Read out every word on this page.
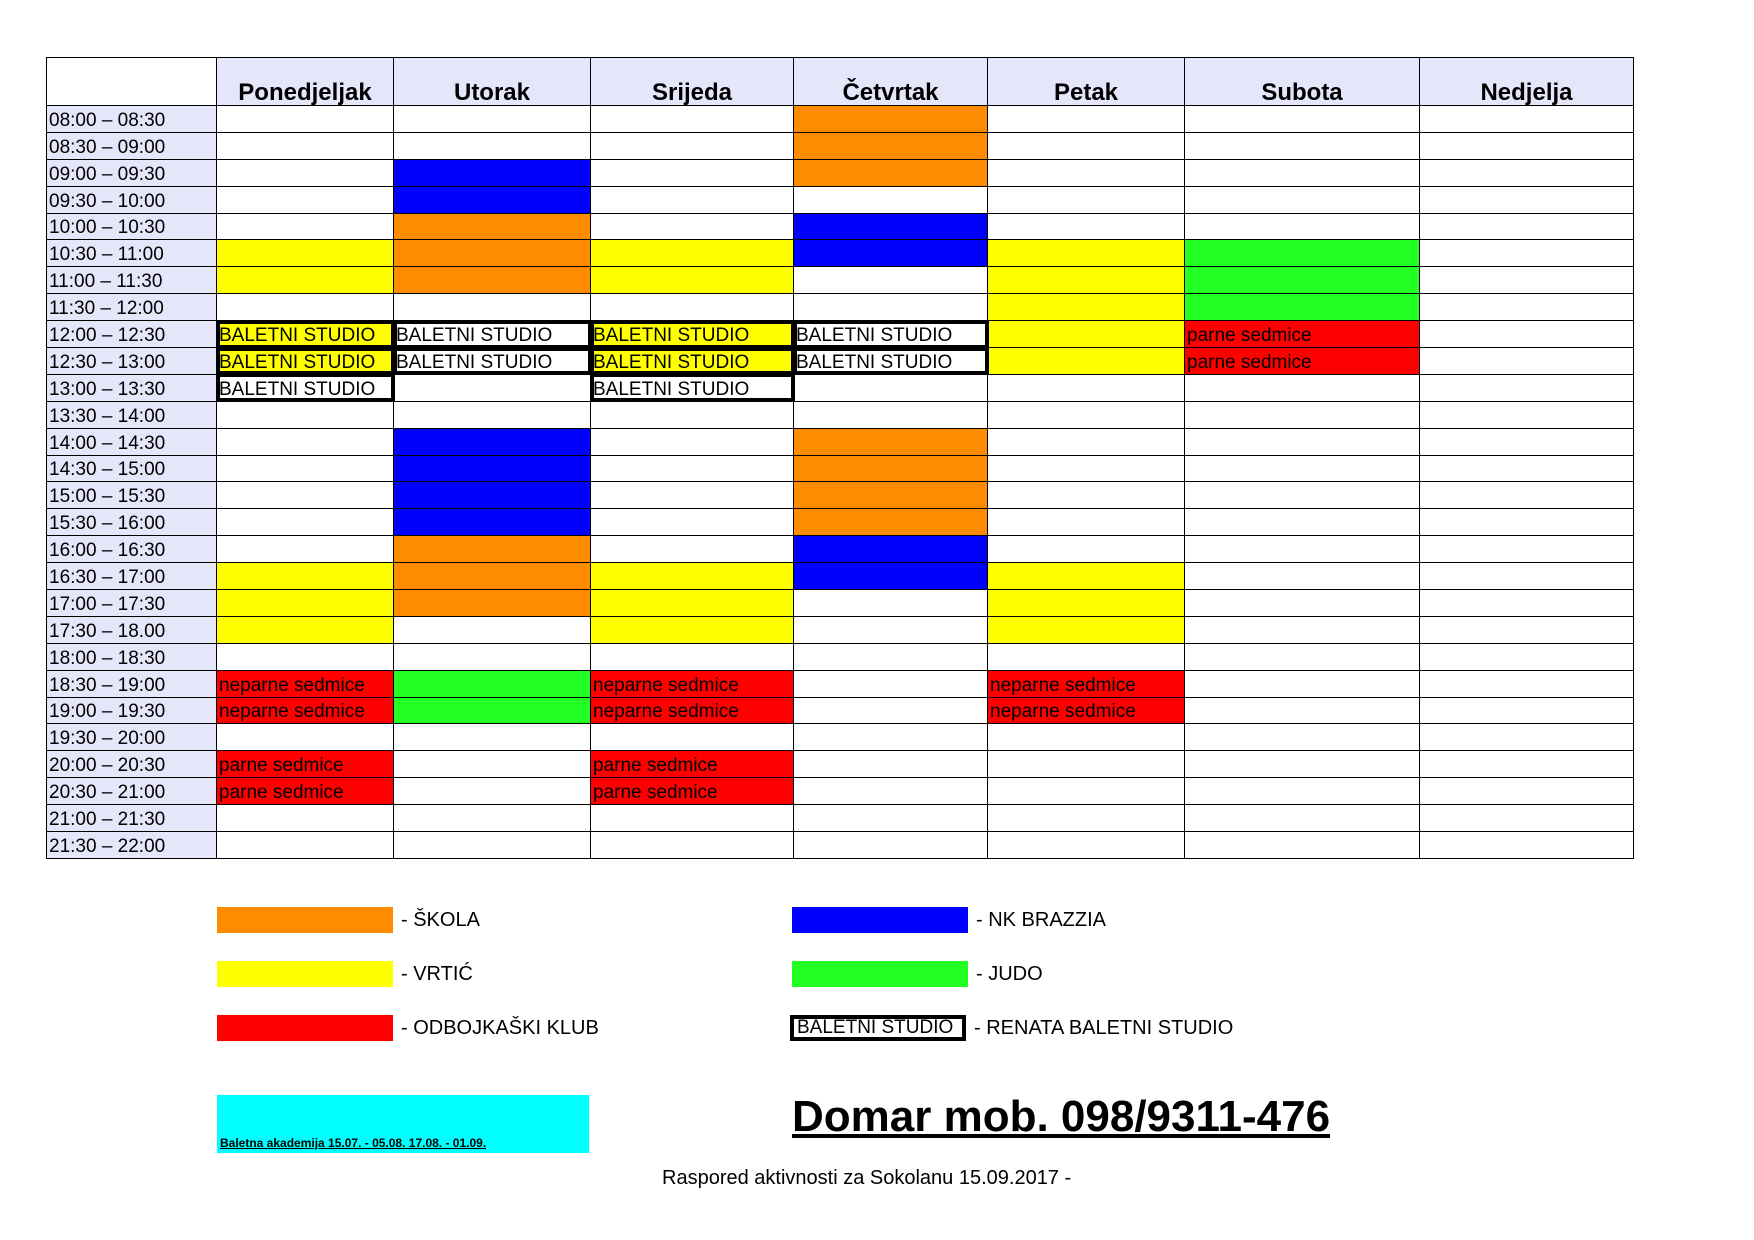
	Ponedjeljak	Utorak	Srijeda	Četvrtak	Petak	Subota	Nedjelja
08:00 – 08:30							
08:30 – 09:00							
09:00 – 09:30							
09:30 – 10:00							
10:00 – 10:30							
10:30 – 11:00							
11:00 – 11:30							
11:30 – 12:00							
12:00 – 12:30	BALETNI STUDIO	BALETNI STUDIO	BALETNI STUDIO	BALETNI STUDIO		parne sedmice	
12:30 – 13:00	BALETNI STUDIO	BALETNI STUDIO	BALETNI STUDIO	BALETNI STUDIO		parne sedmice	
13:00 – 13:30	BALETNI STUDIO		BALETNI STUDIO				
13:30 – 14:00							
14:00 – 14:30							
14:30 – 15:00							
15:00 – 15:30							
15:30 – 16:00							
16:00 – 16:30							
16:30 – 17:00							
17:00 – 17:30							
17:30 – 18.00							
18:00 – 18:30							
18:30 – 19:00	neparne sedmice		neparne sedmice		neparne sedmice		
19:00 – 19:30	neparne sedmice		neparne sedmice		neparne sedmice		
19:30 – 20:00							
20:00 – 20:30	parne sedmice		parne sedmice				
20:30 – 21:00	parne sedmice		parne sedmice				
21:00 – 21:30							
21:30 – 22:00							
- ŠKOLA	- NK BRAZZIA
- VRTIĆ	- JUDO
- ODBOJKAŠKI KLUB	BALETNI STUDIO	- RENATA BALETNI STUDIO
Baletna akademija 15.07. - 05.08. 17.08. - 01.09.
Domar mob. 098/9311-476
Raspored aktivnosti za Sokolanu 15.09.2017 -
